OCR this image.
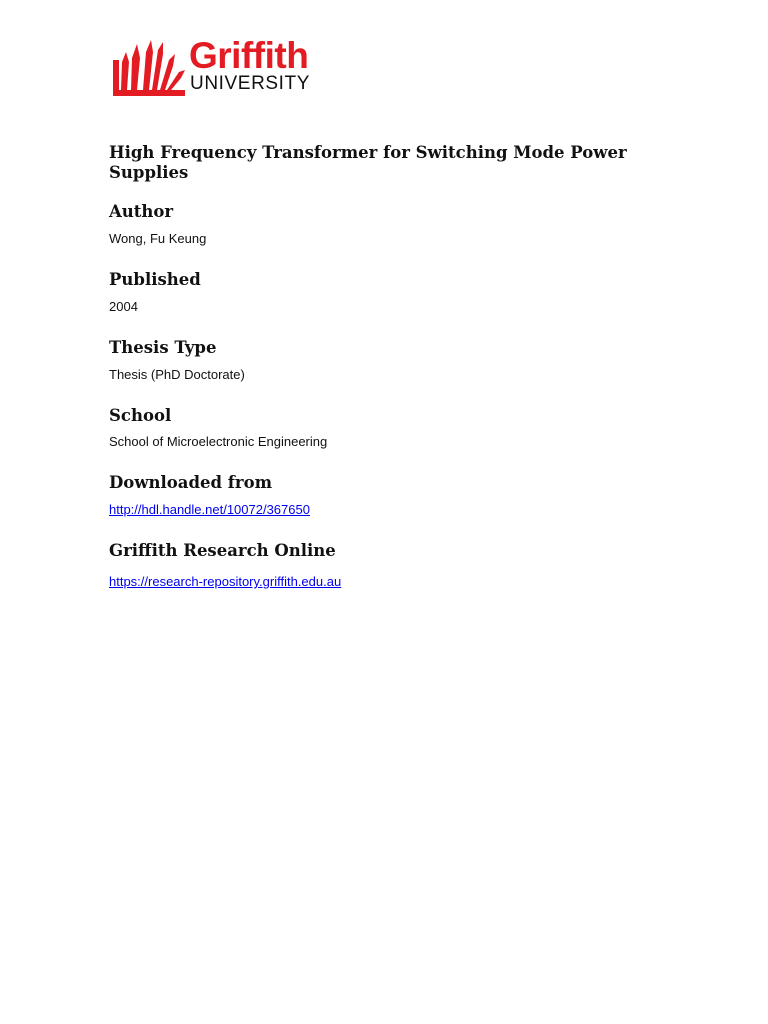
Griffith
UNIVERSITY
High Frequency Transformer for Switching Mode Power Supplies
Author

Wong, Fu Keung

Published

2004

Thesis Type

Thesis (PhD Doctorate)

School

School of Microelectronic Engineering

Downloaded from
http://hdl.handle.net/10072/367650
Griffith Research Online
https://research-repository.griffith.edu.au
